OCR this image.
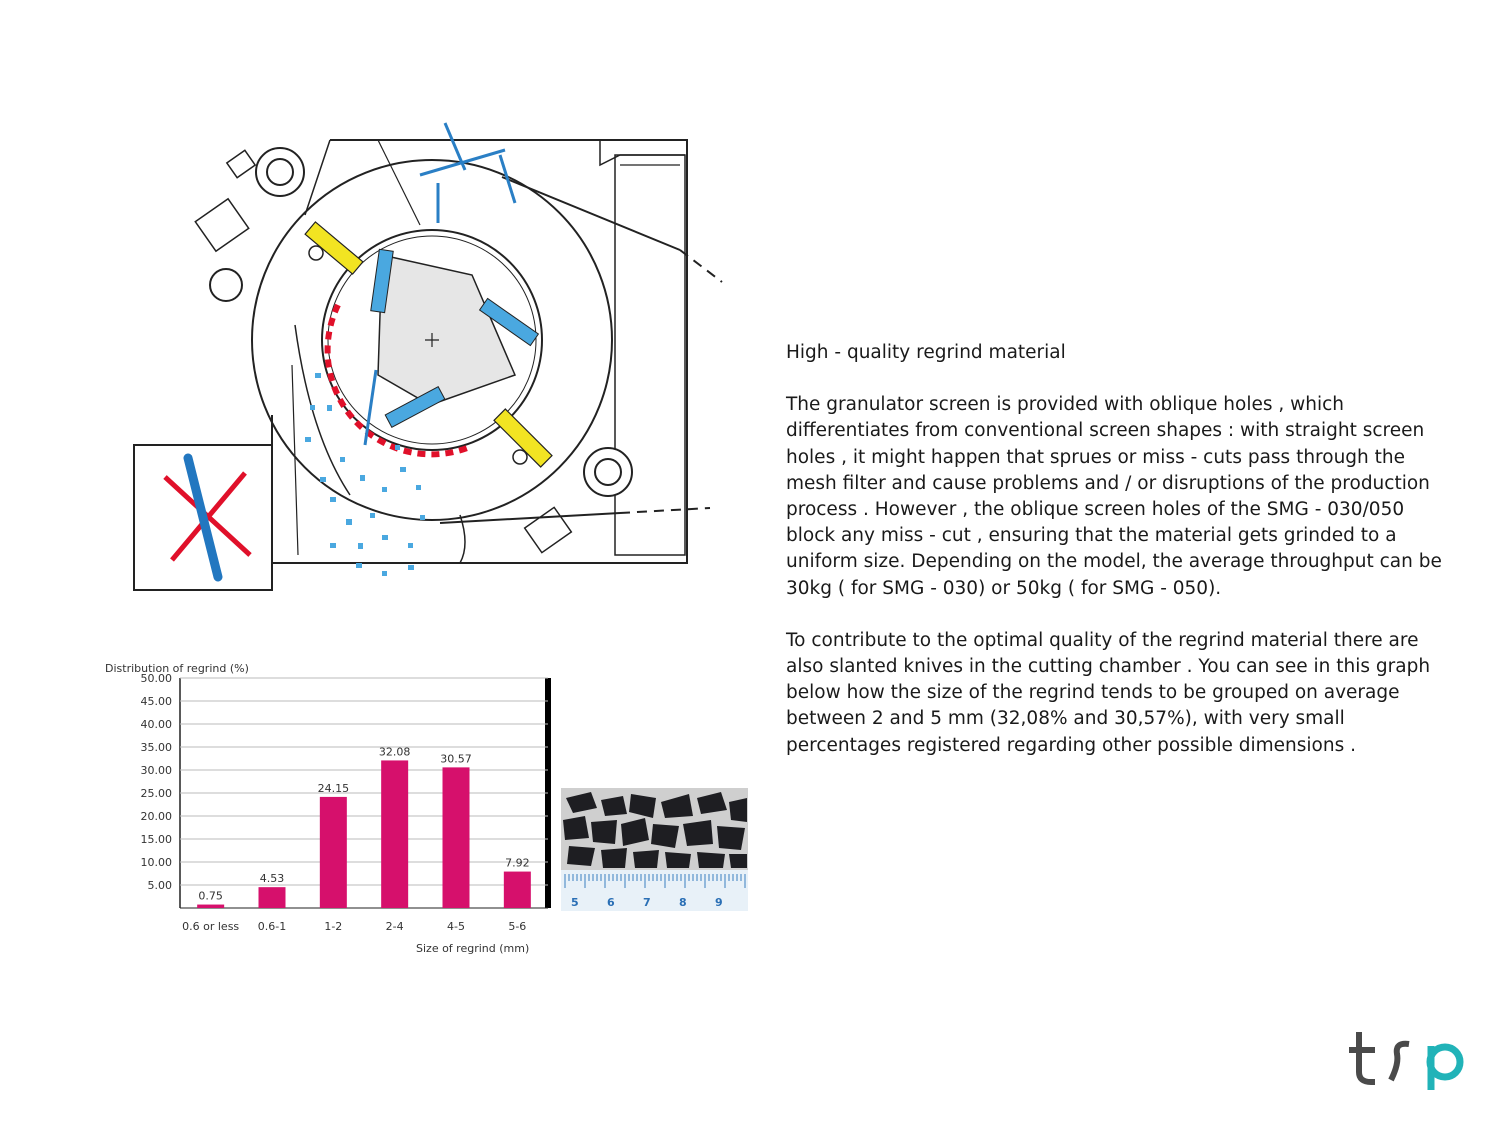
Distribution of regrind (%)
5.00
10.00
15.00
20.00
25.00
30.00
35.00
40.00
45.00
50.00
0.75
4.53
24.15
32.08
30.57
7.92
0.6 or less 0.6-1	1-2	2-4	4-5	5-6
Size of regrind (mm)
5	6	7	8	9

High - quality regrind material

The granulator screen is provided with oblique holes , which differentiates from conventional screen shapes : with straight screen holes , it might happen that sprues or miss - cuts pass through the mesh filter and cause problems and / or disruptions of the production process . However , the oblique screen holes of the SMG - 030/050 block any miss - cut , ensuring that the material gets grinded to a uniform size. Depending on the model, the average throughput can be 30kg ( for SMG - 030) or 50kg ( for SMG - 050).

To contribute to the optimal quality of the regrind material there are also slanted knives in the cutting chamber . You can see in this graph below how the size of the regrind tends to be grouped on average between 2 and 5 mm (32,08% and 30,57%), with very small percentages registered regarding other possible dimensions .
